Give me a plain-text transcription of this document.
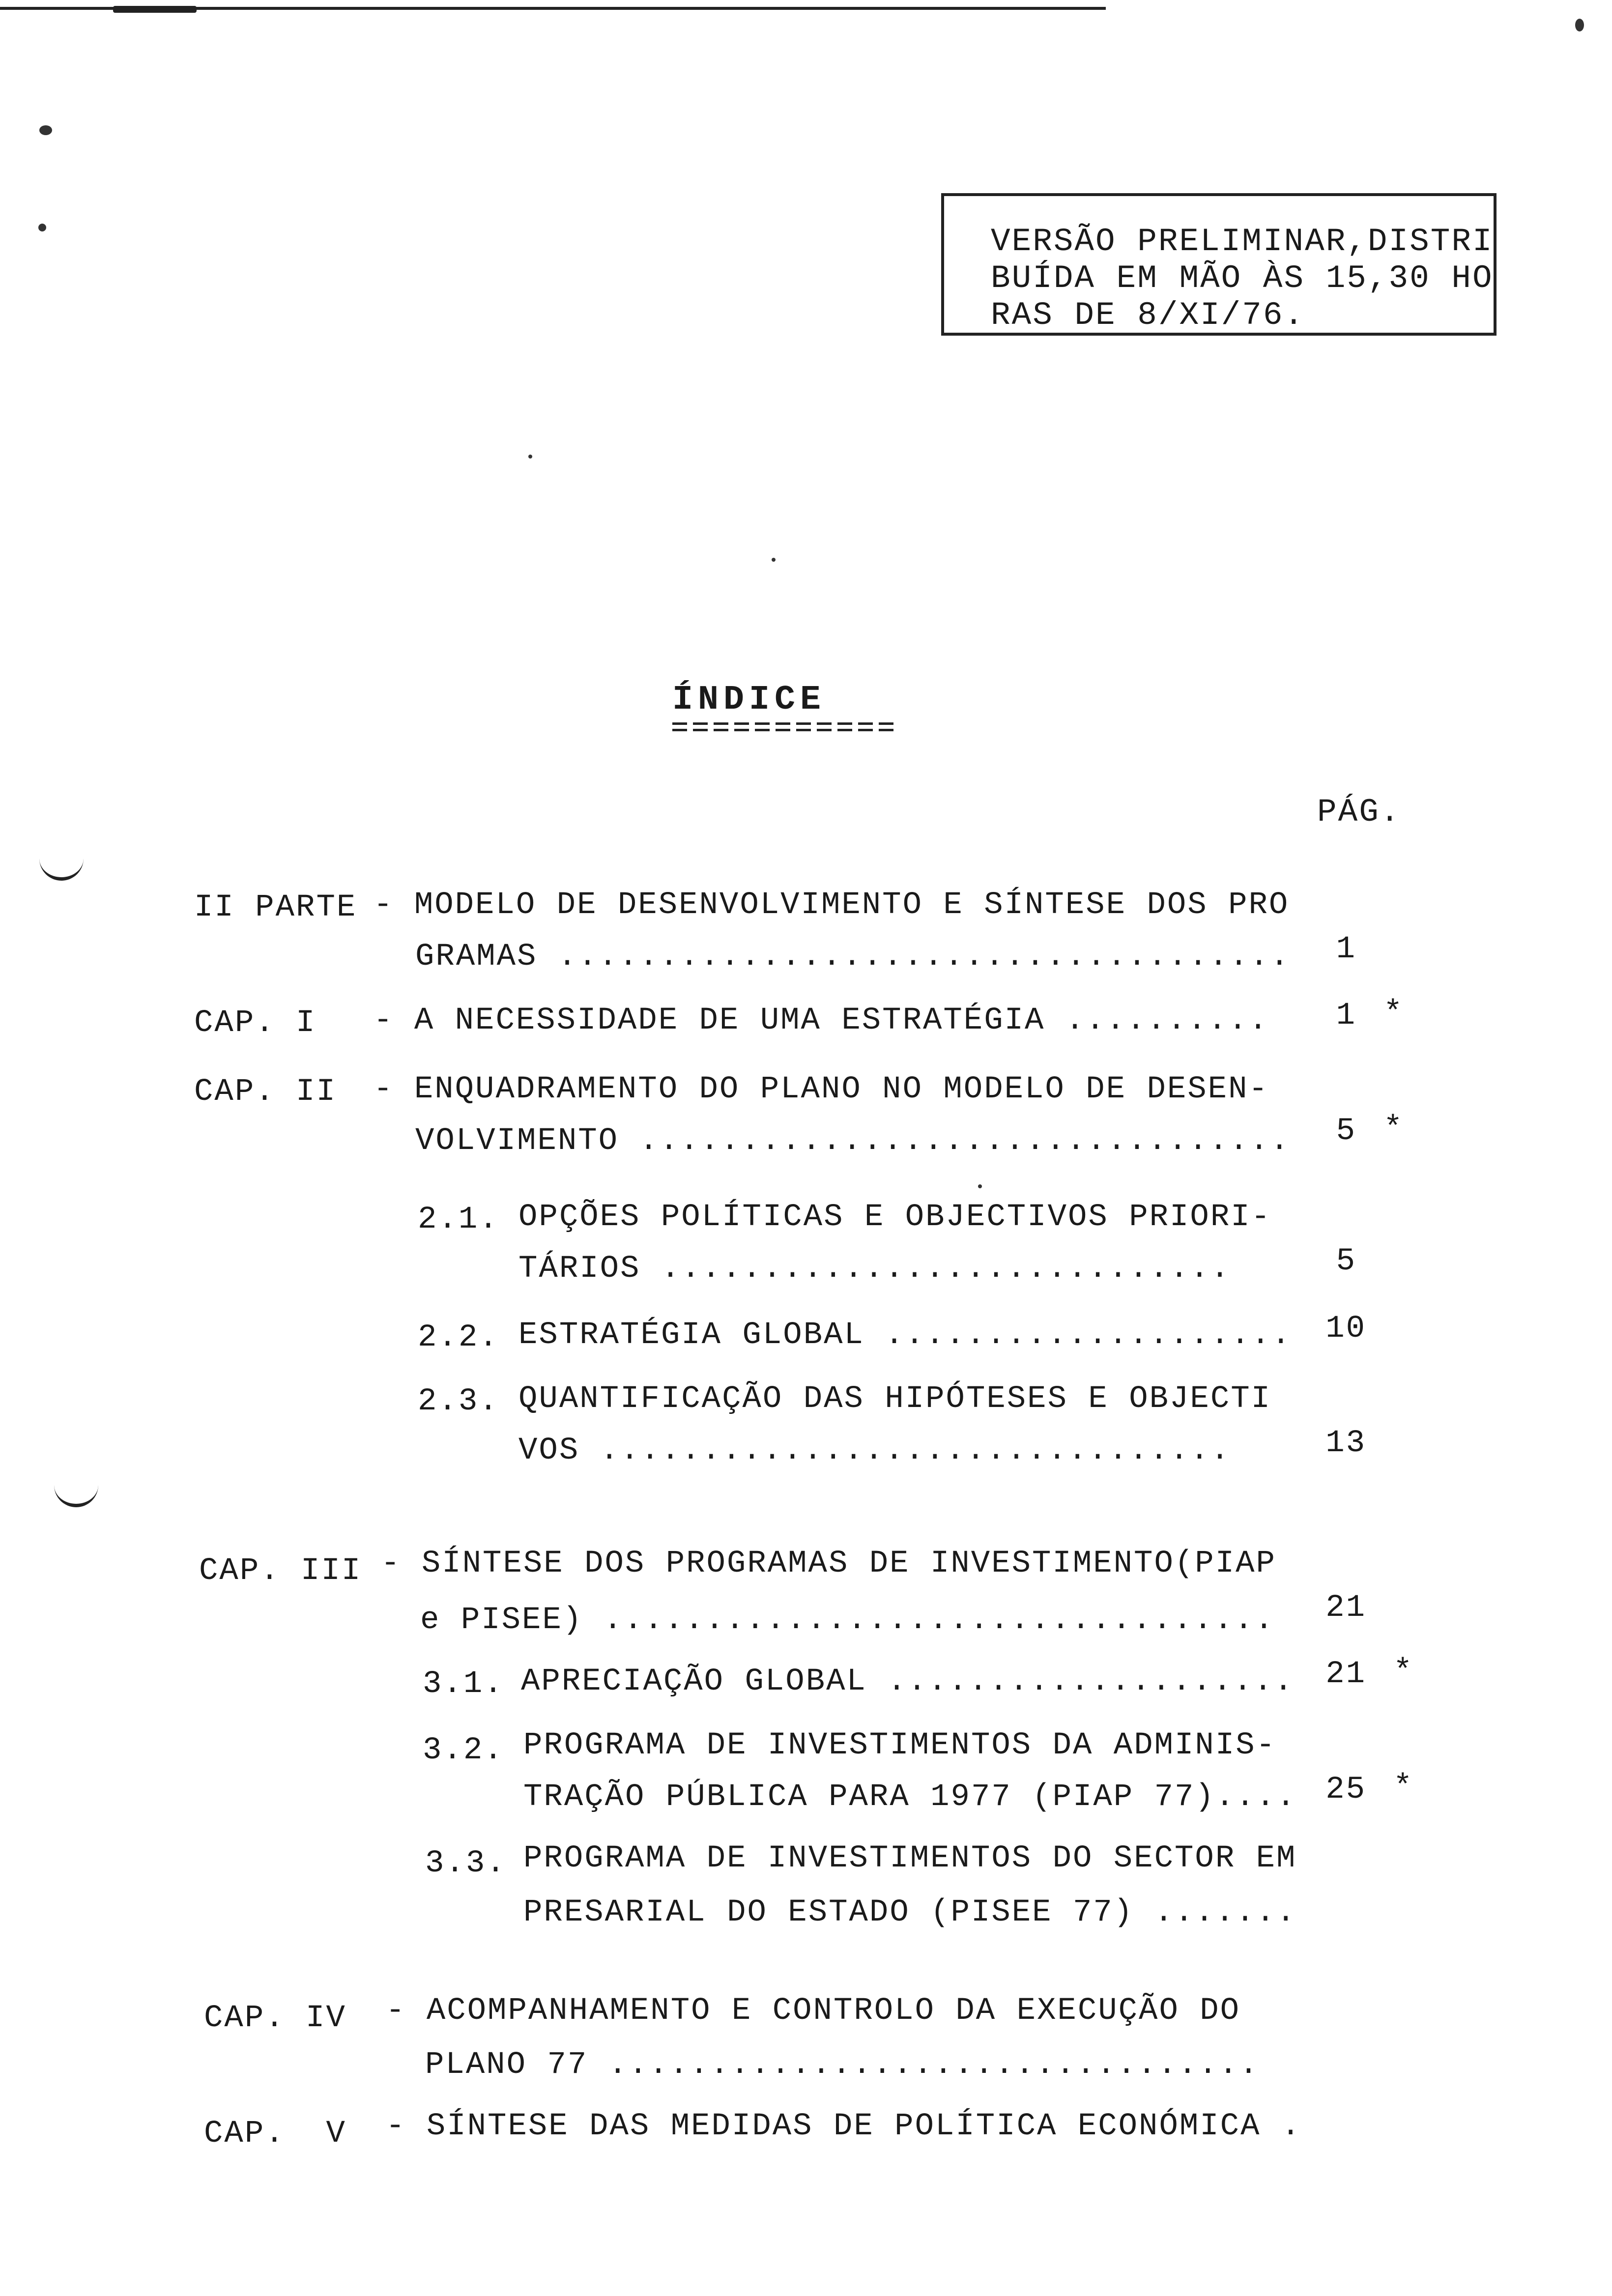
VERSÃO PRELIMINAR,DISTRI
BUÍDA EM MÃO ÀS 15,30 HO
RAS DE 8/XI/76.
ÍNDICE
PÁG.
II PARTE - MODELO DE DESENVOLVIMENTO E SÍNTESE DOS PRO
GRAMAS ....................................	1
CAP. I - A NECESSIDADE DE UMA ESTRATÉGIA ..........	1 *
CAP. II - ENQUADRAMENTO DO PLANO NO MODELO DE DESEN-
VOLVIMENTO ................................	5 *
2.1. OPÇÕES POLÍTICAS E OBJECTIVOS PRIORI-
TÁRIOS ............................	5
2.2. ESTRATÉGIA GLOBAL .................... 10
2.3. QUANTIFICAÇÃO DAS HIPÓTESES E OBJECTI
VOS ...............................	13
CAP. III - SÍNTESE DOS PROGRAMAS DE INVESTIMENTO(PIAP
e PISEE) ................................. 21
3.1. APRECIAÇÃO GLOBAL .................... 21 *
3.2. PROGRAMA DE INVESTIMENTOS DA ADMINIS-
TRAÇÃO PÚBLICA PARA 1977 (PIAP 77).... 25 *
3.3. PROGRAMA DE INVESTIMENTOS DO SECTOR EM
PRESARIAL DO ESTADO (PISEE 77) .......
CAP. IV - ACOMPANHAMENTO E CONTROLO DA EXECUÇÃO DO
PLANO 77 ................................
CAP.  V - SÍNTESE DAS MEDIDAS DE POLÍTICA ECONÓMICA .
